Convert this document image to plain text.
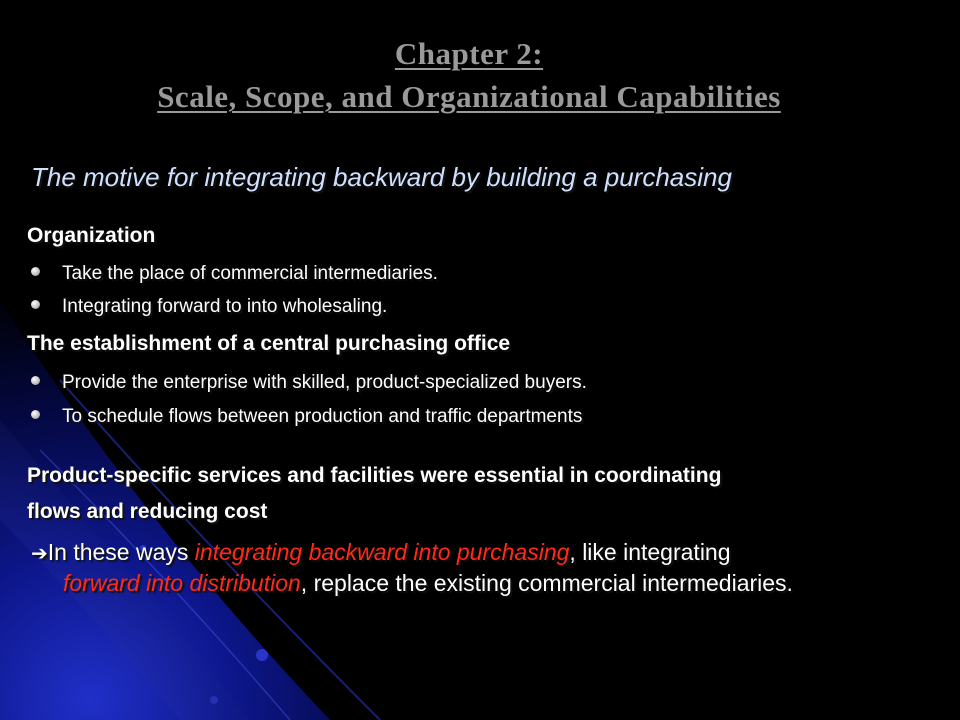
Chapter 2:
Scale, Scope, and Organizational Capabilities

The motive for integrating backward by building a purchasing

Organization

Take the place of commercial intermediaries.

Integrating forward to into wholesaling.

The establishment of a central purchasing office

Provide the enterprise with skilled, product-specialized buyers.

To schedule flows between production and traffic departments

Product-specific services and facilities were essential in coordinating

flows and reducing cost

➔In these ways integrating backward into purchasing, like integrating
forward into distribution, replace the existing commercial intermediaries.
